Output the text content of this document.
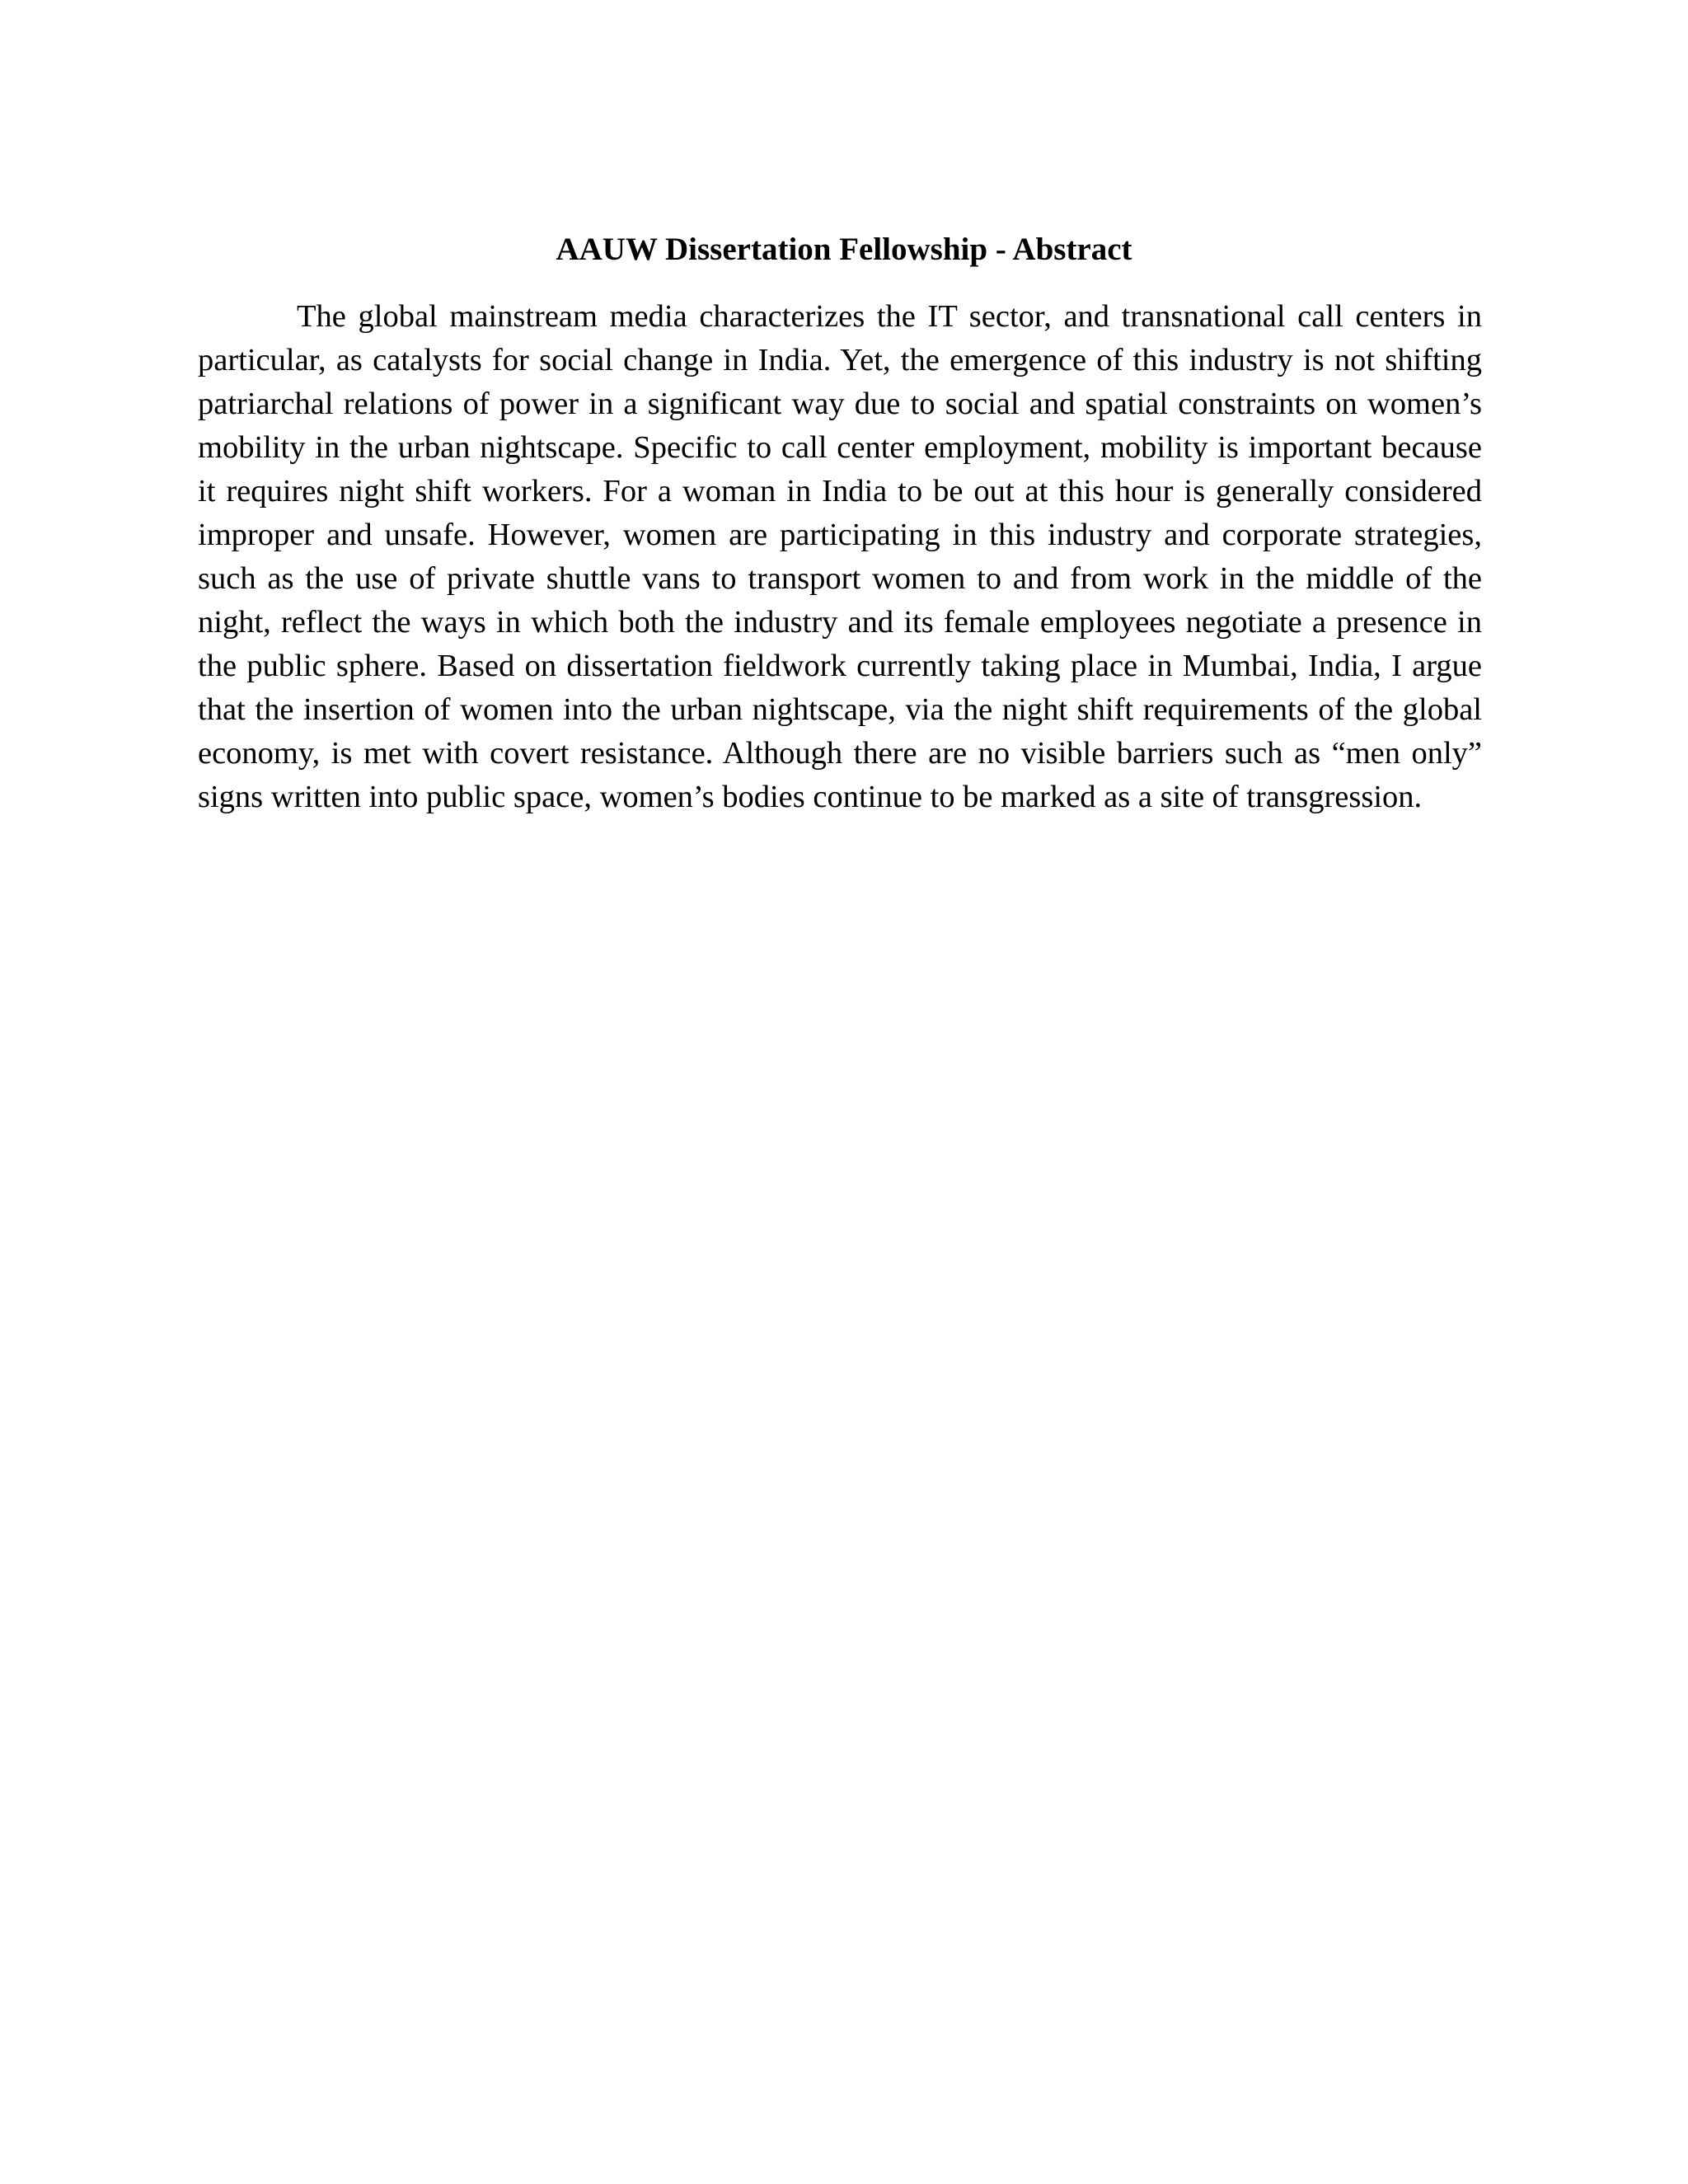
AAUW Dissertation Fellowship - Abstract

The global mainstream media characterizes the IT sector, and transnational call centers in particular, as catalysts for social change in India. Yet, the emergence of this industry is not shifting patriarchal relations of power in a significant way due to social and spatial constraints on women’s mobility in the urban nightscape. Specific to call center employment, mobility is important because it requires night shift workers. For a woman in India to be out at this hour is generally considered improper and unsafe. However, women are participating in this industry and corporate strategies, such as the use of private shuttle vans to transport women to and from work in the middle of the night, reflect the ways in which both the industry and its female employees negotiate a presence in the public sphere. Based on dissertation fieldwork currently taking place in Mumbai, India, I argue that the insertion of women into the urban nightscape, via the night shift requirements of the global economy, is met with covert resistance. Although there are no visible barriers such as “men only” signs written into public space, women’s bodies continue to be marked as a site of transgression.
